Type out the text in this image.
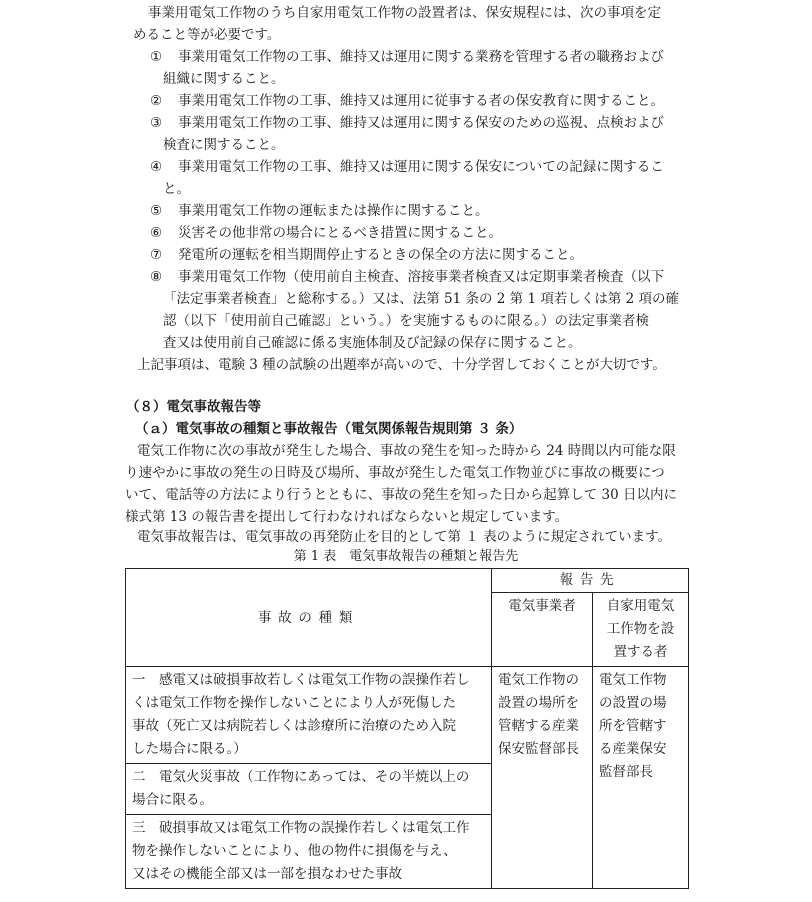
事業用電気工作物のうち自家用電気工作物の設置者は、保安規程には、次の事項を定
めること等が必要です。
① 事業用電気工作物の工事、維持又は運用に関する業務を管理する者の職務および
組織に関すること。
② 事業用電気工作物の工事、維持又は運用に従事する者の保安教育に関すること。
③ 事業用電気工作物の工事、維持又は運用に関する保安のための巡視、点検および
検査に関すること。
④ 事業用電気工作物の工事、維持又は運用に関する保安についての記録に関するこ
と。
⑤ 事業用電気工作物の運転または操作に関すること。
⑥ 災害その他非常の場合にとるべき措置に関すること。
⑦ 発電所の運転を相当期間停止するときの保全の方法に関すること。
⑧ 事業用電気工作物（使用前自主検査、溶接事業者検査又は定期事業者検査（以下
「法定事業者検査」と総称する。）又は、法第 51 条の 2 第 1 項若しくは第 2 項の確
認（以下「使用前自己確認」という。）を実施するものに限る。）の法定事業者検
査又は使用前自己確認に係る実施体制及び記録の保存に関すること。
上記事項は、電験 3 種の試験の出題率が高いので、十分学習しておくことが大切です。
（８）電気事故報告等
（ａ）電気事故の種類と事故報告（電気関係報告規則第 ３ 条）
電気工作物に次の事故が発生した場合、事故の発生を知った時から 24 時間以内可能な限
り速やかに事故の発生の日時及び場所、事故が発生した電気工作物並びに事故の概要につ
いて、電話等の方法により行うとともに、事故の発生を知った日から起算して 30 日以内に
様式第 13 の報告書を提出して行わなければならないと規定しています。
電気事故報告は、電気事故の再発防止を目的として第 １ 表のように規定されています。
第 1 表　電気事故報告の種類と報告先
事故の種類	報告先	
	電気事業者	自家用電気
工作物を設
置する者

一　感電又は破損事故若しくは電気工作物の誤操作若し
くは電気工作物を操作しないことにより人が死傷した
事故（死亡又は病院若しくは診療所に治療のため入院
した場合に限る。）	電気工作物の
設置の場所を
管轄する産業
保安監督部長	電気工作物
の設置の場
所を管轄す
る産業保安
監督部長

二　電気火災事故（工作物にあっては、その半焼以上の
場合に限る。		

三　破損事故又は電気工作物の誤操作若しくは電気工作
物を操作しないことにより、他の物件に損傷を与え、
又はその機能全部又は一部を損なわせた事故		
